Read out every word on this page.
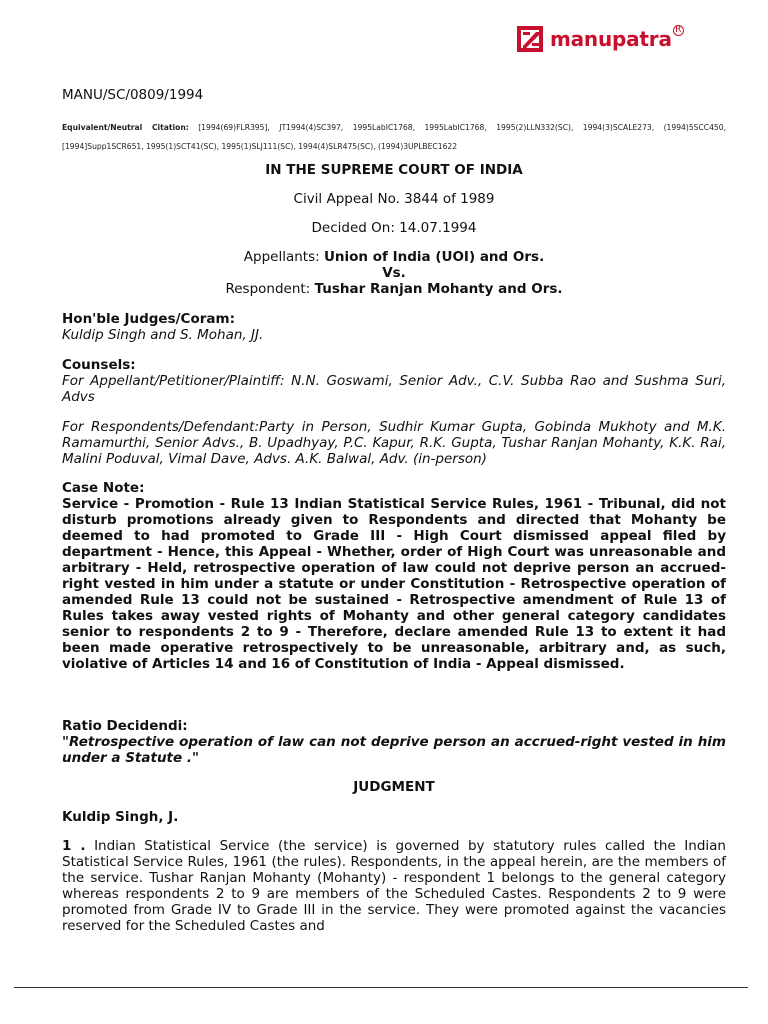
manupatra R
MANU/SC/0809/1994
Equivalent/Neutral Citation: [1994(69)FLR395], JT1994(4)SC397, 1995LabIC1768, 1995LabIC1768, 1995(2)LLN332(SC), 1994(3)SCALE273, (1994)5SCC450, [1994]Supp1SCR651, 1995(1)SCT41(SC), 1995(1)SLJ111(SC), 1994(4)SLR475(SC), (1994)3UPLBEC1622
IN THE SUPREME COURT OF INDIA
Civil Appeal No. 3844 of 1989
Decided On: 14.07.1994
Appellants: Union of India (UOI) and Ors.
Vs.
Respondent: Tushar Ranjan Mohanty and Ors.
Hon'ble Judges/Coram:
Kuldip Singh and S. Mohan, JJ.
Counsels:
For Appellant/Petitioner/Plaintiff: N.N. Goswami, Senior Adv., C.V. Subba Rao and Sushma Suri, Advs
For Respondents/Defendant:Party in Person, Sudhir Kumar Gupta, Gobinda Mukhoty and M.K. Ramamurthi, Senior Advs., B. Upadhyay, P.C. Kapur, R.K. Gupta, Tushar Ranjan Mohanty, K.K. Rai, Malini Poduval, Vimal Dave, Advs. A.K. Balwal, Adv. (in-person)
Case Note:
Service - Promotion - Rule 13 Indian Statistical Service Rules, 1961 - Tribunal, did not disturb promotions already given to Respondents and directed that Mohanty be deemed to had promoted to Grade III - High Court dismissed appeal filed by department - Hence, this Appeal - Whether, order of High Court was unreasonable and arbitrary - Held, retrospective operation of law could not deprive person an accrued-right vested in him under a statute or under Constitution - Retrospective operation of amended Rule 13 could not be sustained - Retrospective amendment of Rule 13 of Rules takes away vested rights of Mohanty and other general category candidates senior to respondents 2 to 9 - Therefore, declare amended Rule 13 to extent it had been made operative retrospectively to be unreasonable, arbitrary and, as such, violative of Articles 14 and 16 of Constitution of India - Appeal dismissed.
Ratio Decidendi:
"Retrospective operation of law can not deprive person an accrued-right vested in him under a Statute ."
JUDGMENT
Kuldip Singh, J.
1 . Indian Statistical Service (the service) is governed by statutory rules called the Indian Statistical Service Rules, 1961 (the rules). Respondents, in the appeal herein, are the members of the service. Tushar Ranjan Mohanty (Mohanty) - respondent 1 belongs to the general category whereas respondents 2 to 9 are members of the Scheduled Castes. Respondents 2 to 9 were promoted from Grade IV to Grade III in the service. They were promoted against the vacancies reserved for the Scheduled Castes and
